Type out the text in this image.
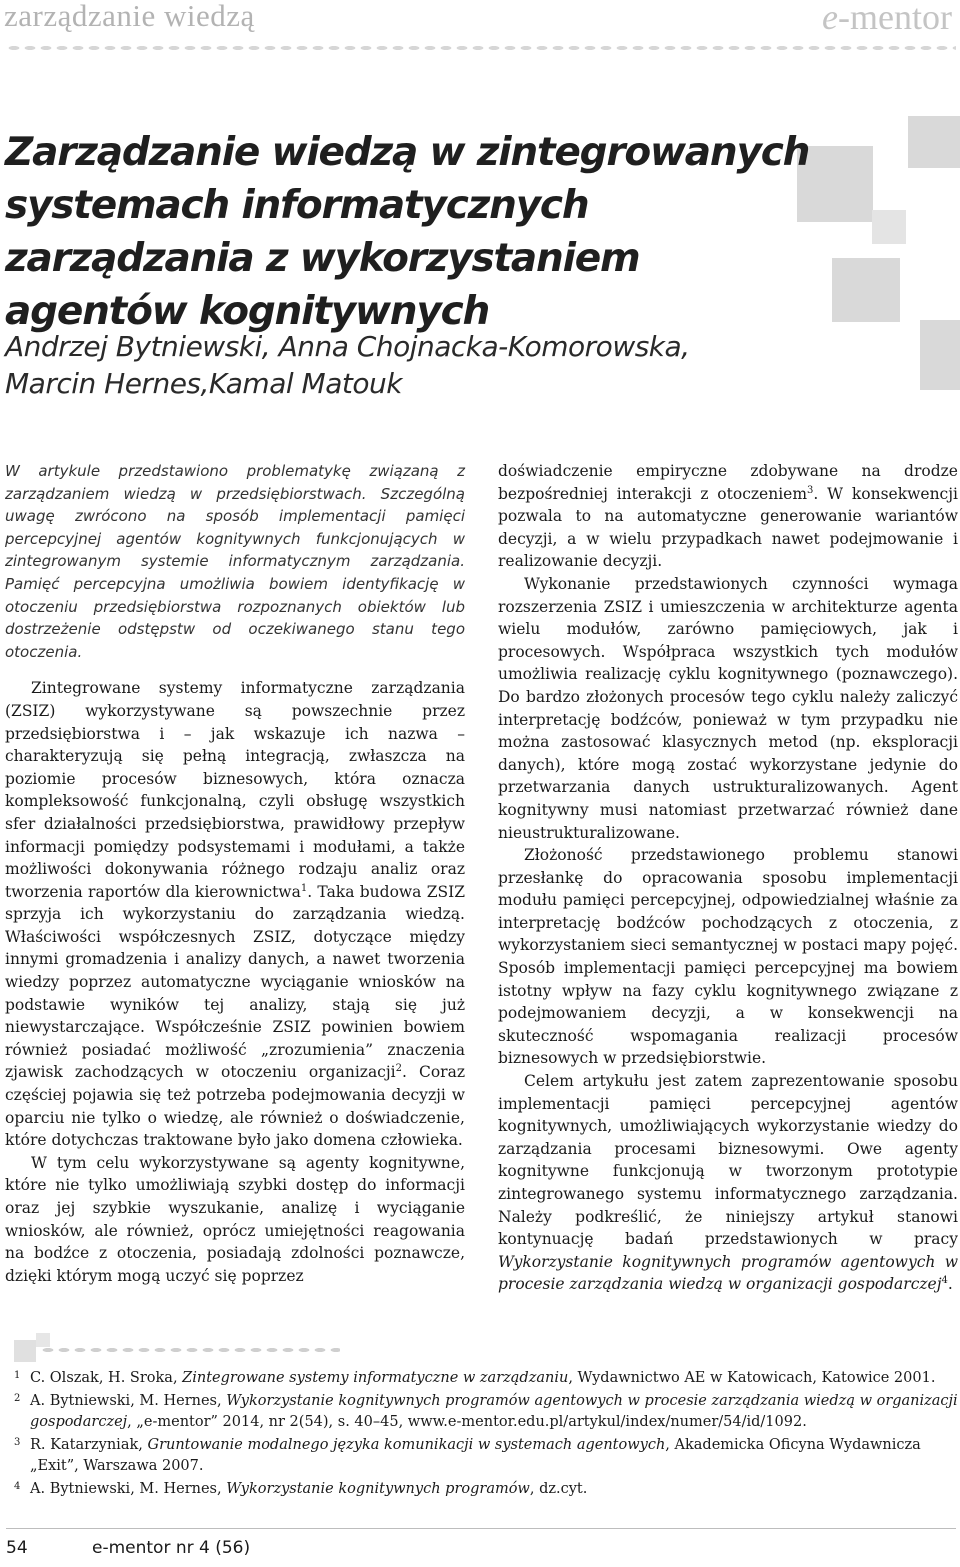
zarządzanie wiedzą	e-mentor
Zarządzanie wiedzą w zintegrowanych systemach informatycznych zarządzania z wykorzystaniem agentów kognitywnych
Andrzej Bytniewski, Anna Chojnacka-Komorowska,
Marcin Hernes,Kamal Matouk

W artykule przedstawiono problematykę związaną z zarządzaniem wiedzą w przedsiębiorstwach. Szczególną uwagę zwrócono na sposób implementacji pamięci percepcyjnej agentów kognitywnych funkcjonujących w zintegrowanym systemie informatycznym zarządzania. Pamięć percepcyjna umożliwia bowiem identyfikację w otoczeniu przedsiębiorstwa rozpoznanych obiektów lub dostrzeżenie odstępstw od oczekiwanego stanu tego otoczenia.

Zintegrowane systemy informatyczne zarządzania (ZSIZ) wykorzystywane są powszechnie przez przedsiębiorstwa i – jak wskazuje ich nazwa – charakteryzują się pełną integracją, zwłaszcza na poziomie procesów biznesowych, która oznacza kompleksowość funkcjonalną, czyli obsługę wszystkich sfer działalności przedsiębiorstwa, prawidłowy przepływ informacji pomiędzy podsystemami i modułami, a także możliwości dokonywania różnego rodzaju analiz oraz tworzenia raportów dla kierownictwa$^1$. Taka budowa ZSIZ sprzyja ich wykorzystaniu do zarządzania wiedzą. Właściwości współczesnych ZSIZ, dotyczące między innymi gromadzenia i analizy danych, a nawet tworzenia wiedzy poprzez automatyczne wyciąganie wniosków na podstawie wyników tej analizy, stają się już niewystarczające. Współcześnie ZSIZ powinien bowiem również posiadać możliwość „zrozumienia” znaczenia zjawisk zachodzących w otoczeniu organizacji$^2$. Coraz częściej pojawia się też potrzeba podejmowania decyzji w oparciu nie tylko o wiedzę, ale również o doświadczenie, które dotychczas traktowane było jako domena człowieka.

W tym celu wykorzystywane są agenty kognitywne, które nie tylko umożliwiają szybki dostęp do informacji oraz jej szybkie wyszukanie, analizę i wyciąganie wniosków, ale również, oprócz umiejętności reagowania na bodźce z otoczenia, posiadają zdolności poznawcze, dzięki którym mogą uczyć się poprzez

doświadczenie empiryczne zdobywane na drodze bezpośredniej interakcji z otoczeniem$^3$. W konsekwencji pozwala to na automatyczne generowanie wariantów decyzji, a w wielu przypadkach nawet podejmowanie i realizowanie decyzji.

Wykonanie przedstawionych czynności wymaga rozszerzenia ZSIZ i umieszczenia w architekturze agenta wielu modułów, zarówno pamięciowych, jak i procesowych. Współpraca wszystkich tych modułów umożliwia realizację cyklu kognitywnego (poznawczego). Do bardzo złożonych procesów tego cyklu należy zaliczyć interpretację bodźców, ponieważ w tym przypadku nie można zastosować klasycznych metod (np. eksploracji danych), które mogą zostać wykorzystane jedynie do przetwarzania danych ustrukturalizowanych. Agent kognitywny musi natomiast przetwarzać również dane nieustrukturalizowane.

Złożoność przedstawionego problemu stanowi przesłankę do opracowania sposobu implementacji modułu pamięci percepcyjnej, odpowiedzialnej właśnie za interpretację bodźców pochodzących z otoczenia, z wykorzystaniem sieci semantycznej w postaci mapy pojęć. Sposób implementacji pamięci percepcyjnej ma bowiem istotny wpływ na fazy cyklu kognitywnego związane z podejmowaniem decyzji, a w konsekwencji na skuteczność wspomagania realizacji procesów biznesowych w przedsiębiorstwie.

Celem artykułu jest zatem zaprezentowanie sposobu implementacji pamięci percepcyjnej agentów kognitywnych, umożliwiających wykorzystanie wiedzy do zarządzania procesami biznesowymi. Owe agenty kognitywne funkcjonują w tworzonym prototypie zintegrowanego systemu informatycznego zarządzania. Należy podkreślić, że niniejszy artykuł stanowi kontynuację badań przedstawionych w pracy Wykorzystanie kognitywnych programów agentowych w procesie zarządzania wiedzą w organizacji gospodarczej$^4$.

1 C. Olszak, H. Sroka, Zintegrowane systemy informatyczne w zarządzaniu, Wydawnictwo AE w Katowicach, Katowice 2001.

2 A. Bytniewski, M. Hernes, Wykorzystanie kognitywnych programów agentowych w procesie zarządzania wiedzą w organizacji gospodarczej, „e-mentor” 2014, nr 2(54), s. 40–45, www.e-mentor.edu.pl/artykul/index/numer/54/id/1092.

3 R. Katarzyniak, Gruntowanie modalnego języka komunikacji w systemach agentowych, Akademicka Oficyna Wydawnicza „Exit”, Warszawa 2007.

4 A. Bytniewski, M. Hernes, Wykorzystanie kognitywnych programów, dz.cyt.

54	e-mentor nr 4 (56)
